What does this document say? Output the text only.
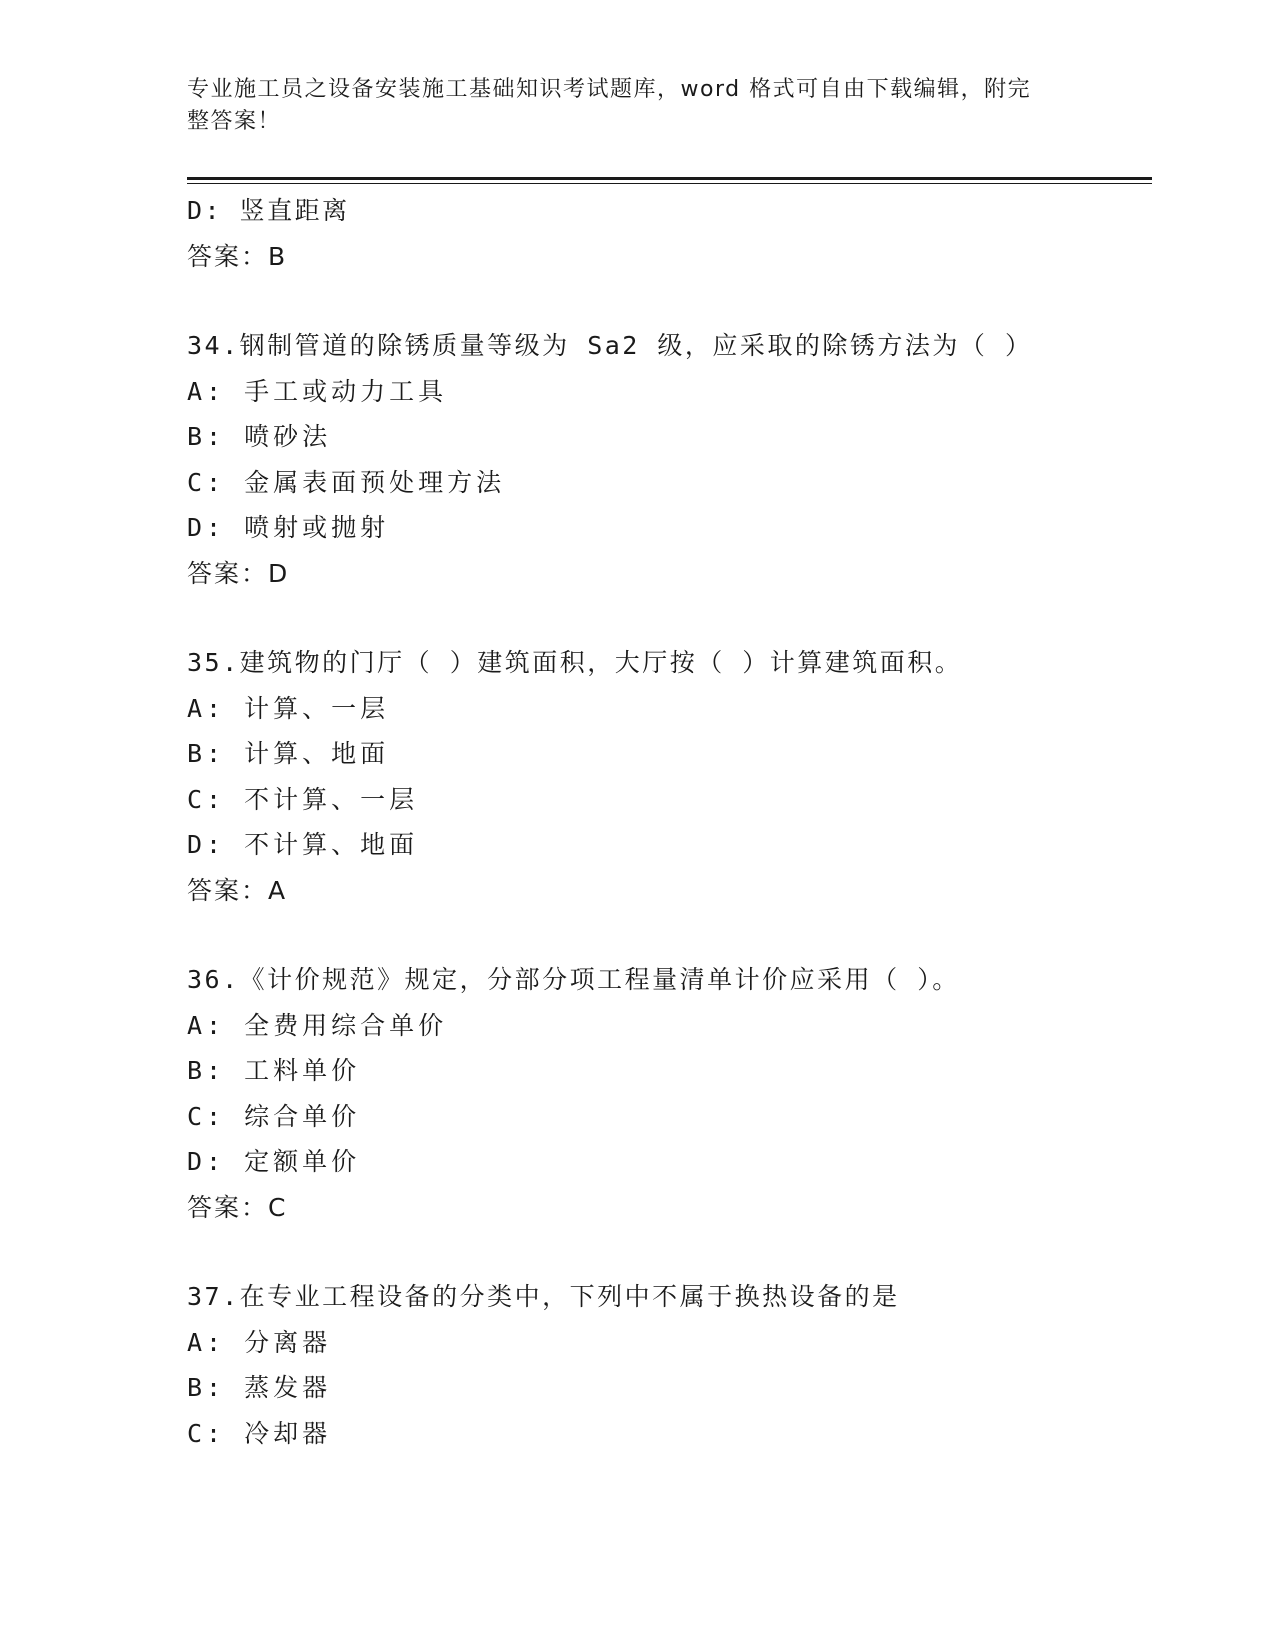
专业施工员之设备安装施工基础知识考试题库，word 格式可自由下载编辑，附完
整答案！
D: 竖直距离
答案：B
34.钢制管道的除锈质量等级为 Sa2 级，应采取的除锈方法为（ ）
A: 手工或动力工具
B: 喷砂法
C: 金属表面预处理方法
D: 喷射或抛射
答案：D
35.建筑物的门厅（ ）建筑面积，大厅按（ ）计算建筑面积。
A: 计算、一层
B: 计算、地面
C: 不计算、一层
D: 不计算、地面
答案：A
36.《计价规范》规定，分部分项工程量清单计价应采用（ ）。
A: 全费用综合单价
B: 工料单价
C: 综合单价
D: 定额单价
答案：C
37.在专业工程设备的分类中，下列中不属于换热设备的是
A: 分离器
B: 蒸发器
C: 冷却器
